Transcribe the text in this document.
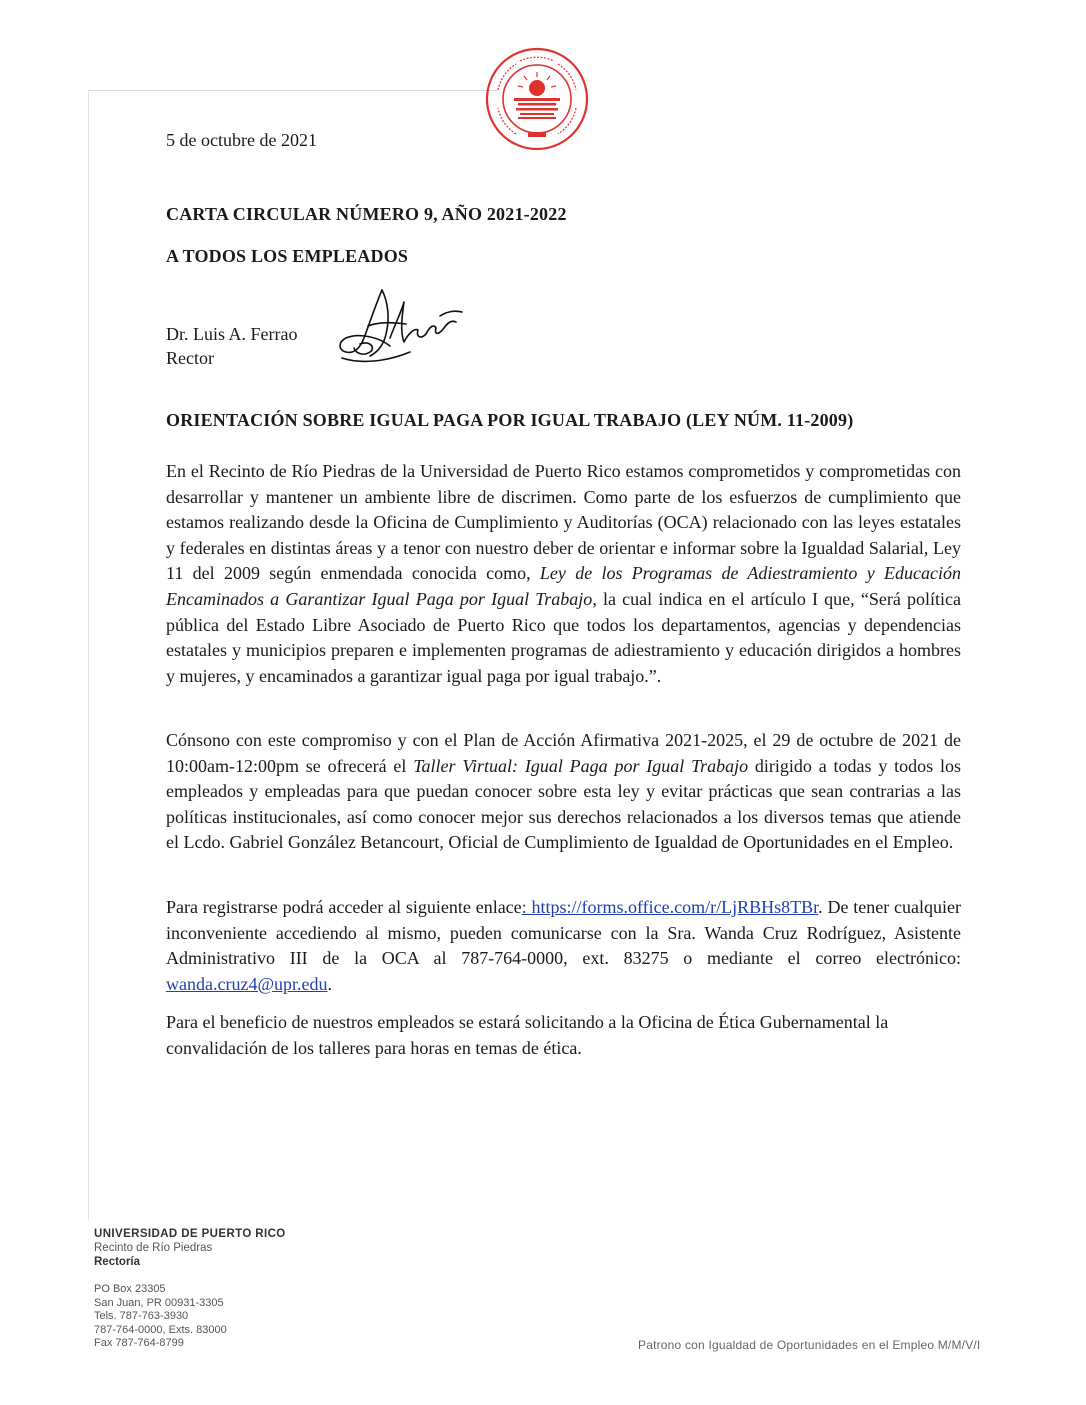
5 de octubre de 2021
CARTA CIRCULAR NÚMERO 9, AÑO 2021-2022
A TODOS LOS EMPLEADOS
Dr. Luis A. Ferrao
Rector
ORIENTACIÓN SOBRE IGUAL PAGA POR IGUAL TRABAJO (LEY NÚM. 11-2009)

En el Recinto de Río Piedras de la Universidad de Puerto Rico estamos comprometidos y comprometidas con desarrollar y mantener un ambiente libre de discrimen. Como parte de los esfuerzos de cumplimiento que estamos realizando desde la Oficina de Cumplimiento y Auditorías (OCA) relacionado con las leyes estatales y federales en distintas áreas y a tenor con nuestro deber de orientar e informar sobre la Igualdad Salarial, Ley 11 del 2009 según enmendada conocida como, Ley de los Programas de Adiestramiento y Educación Encaminados a Garantizar Igual Paga por Igual Trabajo, la cual indica en el artículo I que, “Será política pública del Estado Libre Asociado de Puerto Rico que todos los departamentos, agencias y dependencias estatales y municipios preparen e implementen programas de adiestramiento y educación dirigidos a hombres y mujeres, y encaminados a garantizar igual paga por igual trabajo.”.

Cónsono con este compromiso y con el Plan de Acción Afirmativa 2021-2025, el 29 de octubre de 2021 de 10:00am-12:00pm se ofrecerá el Taller Virtual: Igual Paga por Igual Trabajo dirigido a todas y todos los empleados y empleadas para que puedan conocer sobre esta ley y evitar prácticas que sean contrarias a las políticas institucionales, así como conocer mejor sus derechos relacionados a los diversos temas que atiende el Lcdo. Gabriel González Betancourt, Oficial de Cumplimiento de Igualdad de Oportunidades en el Empleo.

Para registrarse podrá acceder al siguiente enlace: https://forms.office.com/r/LjRBHs8TBr. De tener cualquier inconveniente accediendo al mismo, pueden comunicarse con la Sra. Wanda Cruz Rodríguez, Asistente Administrativo III de la OCA al 787-764-0000, ext. 83275 o mediante el correo electrónico: wanda.cruz4@upr.edu.

Para el beneficio de nuestros empleados se estará solicitando a la Oficina de Ética Gubernamental la convalidación de los talleres para horas en temas de ética.

UNIVERSIDAD DE PUERTO RICO
Recinto de Río Piedras
Rectoría
PO Box 23305
San Juan, PR 00931-3305
Tels. 787-763-3930
787-764-0000, Exts. 83000
Fax 787-764-8799	Patrono con Igualdad de Oportunidades en el Empleo M/M/V/I
